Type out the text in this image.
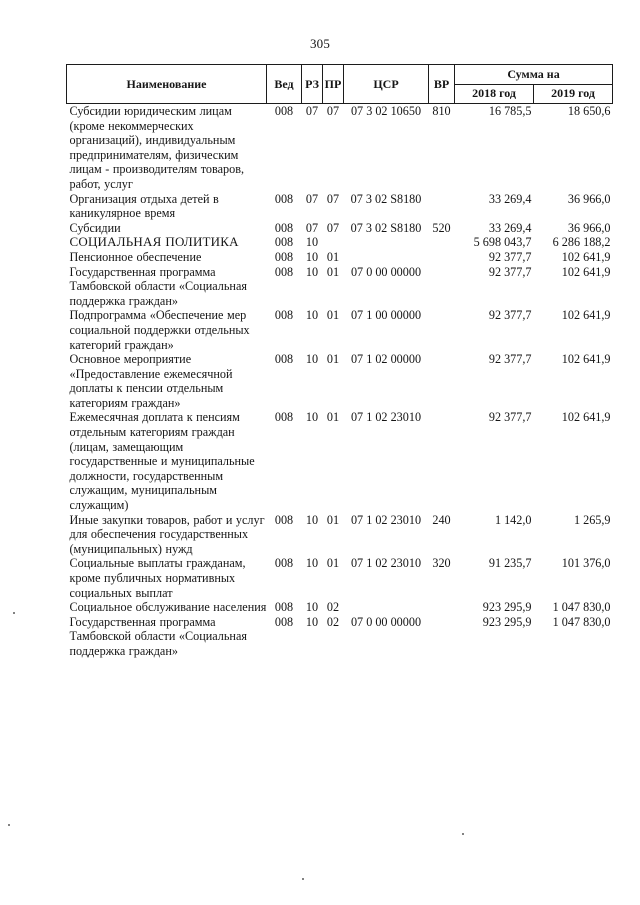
305
Наименование	Вед	РЗ	ПР	ЦСР	ВР	Сумма на	
						2018 год	2019 год
Субсидии юридическим лицам (кроме некоммерческих организаций), индивидуальным предпринимателям, физическим лицам - производителям товаров, работ, услуг	008	07	07	07 3 02 10650	810	16 785,5	18 650,6
Организация отдыха детей в каникулярное время	008	07	07	07 3 02 S8180		33 269,4	36 966,0
Субсидии	008	07	07	07 3 02 S8180	520	33 269,4	36 966,0
СОЦИАЛЬНАЯ ПОЛИТИКА	008	10				5 698 043,7	6 286 188,2
Пенсионное обеспечение	008	10	01			92 377,7	102 641,9
Государственная программа Тамбовской области «Социальная поддержка граждан»	008	10	01	07 0 00 00000		92 377,7	102 641,9
Подпрограмма «Обеспечение мер социальной поддержки отдельных категорий граждан»	008	10	01	07 1 00 00000		92 377,7	102 641,9
Основное мероприятие «Предоставление ежемесячной доплаты к пенсии отдельным категориям граждан»	008	10	01	07 1 02 00000		92 377,7	102 641,9
Ежемесячная доплата к пенсиям отдельным категориям граждан (лицам, замещающим государственные и муниципальные должности, государственным служащим, муниципальным служащим)	008	10	01	07 1 02 23010		92 377,7	102 641,9
Иные закупки товаров, работ и услуг для обеспечения государственных (муниципальных) нужд	008	10	01	07 1 02 23010	240	1 142,0	1 265,9
Социальные выплаты гражданам, кроме публичных нормативных социальных выплат	008	10	01	07 1 02 23010	320	91 235,7	101 376,0
Социальное обслуживание населения	008	10	02			923 295,9	1 047 830,0
Государственная программа Тамбовской области «Социальная поддержка граждан»	008	10	02	07 0 00 00000		923 295,9	1 047 830,0
